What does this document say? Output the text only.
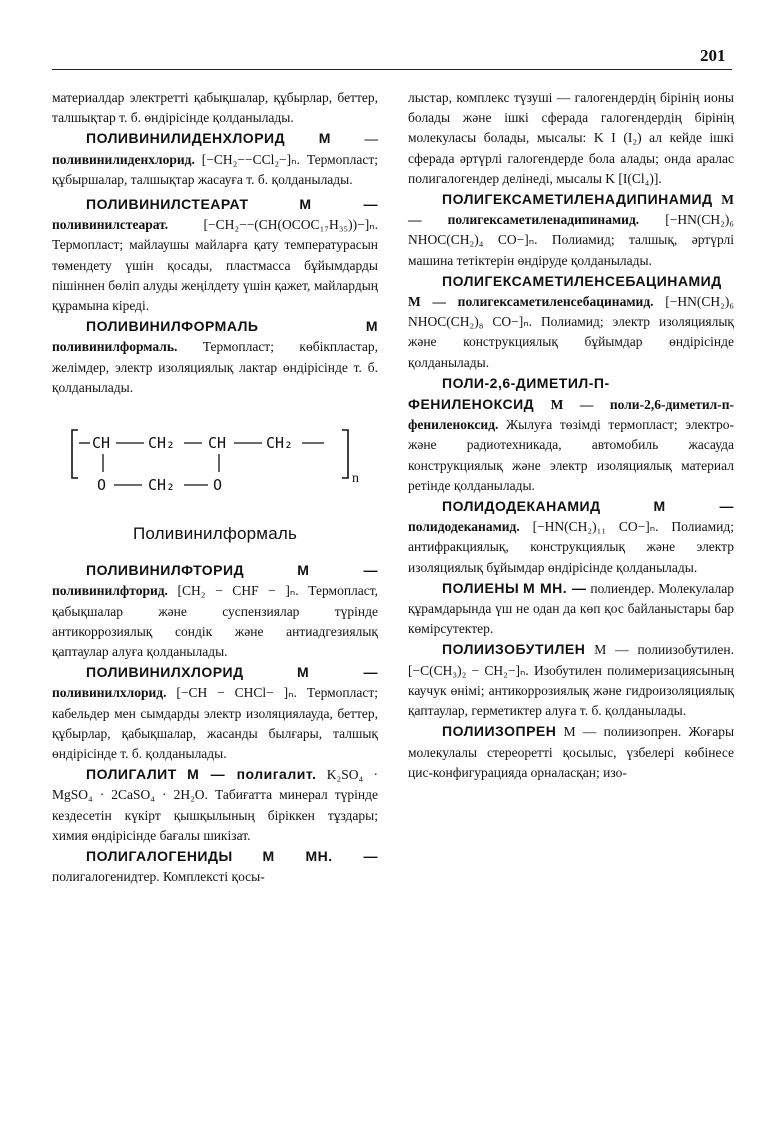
201

материалдар электретті қабықшалар, құбырлар, беттер, талшықтар т. б. өндірісінде қолданылады.

ПОЛИВИНИЛИДЕНХЛОРИД М — поливинилиденхлорид. [−CH₂−−CCl₂−]ₙ. Термопласт; құбыршалар, талшықтар жасауға т. б. қолданылады.

ПОЛИВИНИЛСТЕАРАТ	М — поливинилстеарат.	[−CH₂−−(CH(OCOC₁₇H₃₅))−]ₙ. Термопласт; майлаушы майларға қату температурасын төмендету үшін қосады, пластмасса бұйымдарды пішіннен бөліп алуды жеңілдету үшін қажет, майлардың құрамына кіреді.

ПОЛИВИНИЛФОРМАЛЬ	М поливинилформаль. Термопласт; көбікпластар, желімдер, электр изоляциялық лактар өндірісінде т. б. қолданылады.

CH	CH₂ CH	CH₂
O	CH₂	O	n
Поливинилформаль

ПОЛИВИНИЛФТОРИД	М — поливинилфторид. [CH₂ − CHF − ]ₙ. Термопласт, қабықшалар және суспензиялар түрінде антикоррозиялық сондік және антиадгезиялық қаптаулар алуға қолданылады.

ПОЛИВИНИЛХЛОРИД	М — поливинилхлорид. [−CH − CHCl− ]ₙ. Термопласт; кабельдер мен сымдарды электр изоляциялауда, беттер, құбырлар, қабықшалар, жасанды былғары, талшық өндірісінде т. б. қолданылады.

ПОЛИГАЛИТ М — полигалит. K₂SO₄ · MgSO₄ · 2CaSO₄ · 2H₂O. Табиғатта минерал түрінде кездесетін күкірт қышқылының біріккен тұздары; химия өндірісінде бағалы шикізат.

ПОЛИГАЛОГЕНИДЫ М МН. — полигалогенидтер. Комплексті қосы-

лыстар, комплекс түзуші — галогендердің бірінің ионы болады және ішкі сферада галогендердің бірінің молекуласы болады, мысалы: K I (I₂) ал кейде ішкі сферада әртүрлі галогендерде бола алады; онда аралас полигалогендер делінеді, мысалы K [I(Cl₄)].

ПОЛИГЕКСАМЕТИЛЕНАДИПИНАМИД М — полигексаметиленадипинамид. [−HN(CH₂)₆ NHOC(CH₂)₄ CO−]ₙ. Полиамид; талшық, әртүрлі машина тетіктерін өндіруде қолданылады.

ПОЛИГЕКСАМЕТИЛЕНСЕБАЦИНАМИД М — полигексаметиленсебацинамид. [−HN(CH₂)₆ NHOC(CH₂)₈ CO−]ₙ. Полиамид; электр изоляциялық және конструкциялық бұйымдар өндірісінде қолданылады.

ПОЛИ-2,6-ДИМЕТИЛ-П-ФЕНИЛЕНОКСИД М — поли-2,6-диметил-п-фениленоксид. Жылуға төзімді термопласт; электро-және радиотехникада, автомобиль жасауда конструкциялық және электр изоляциялық материал ретінде қолданылады.

ПОЛИДОДЕКАНАМИД	М — полидодеканамид. [−HN(CH₂)₁₁ CO−]ₙ. Полиамид; антифракциялық, конструкциялық және электр изоляциялық бұйымдар өндірісінде қолданылады.

ПОЛИЕНЫ М МН. — полиендер. Молекулалар құрамдарында үш не одан да көп қос байланыстары бар көмірсутектер.

ПОЛИИЗОБУТИЛЕН М — полиизобутилен. [−C(CH₃)₂ − CH₂−]ₙ. Изобутилен полимеризациясының каучук өнімі; антикоррозиялық және гидроизоляциялық қаптаулар, герметиктер алуға т. б. қолданылады.

ПОЛИИЗОПРЕН М — полиизопрен. Жоғары молекулалы стереоретті қосылыс, үзбелері көбінесе цис-конфигурацияда орналасқан; изо-
